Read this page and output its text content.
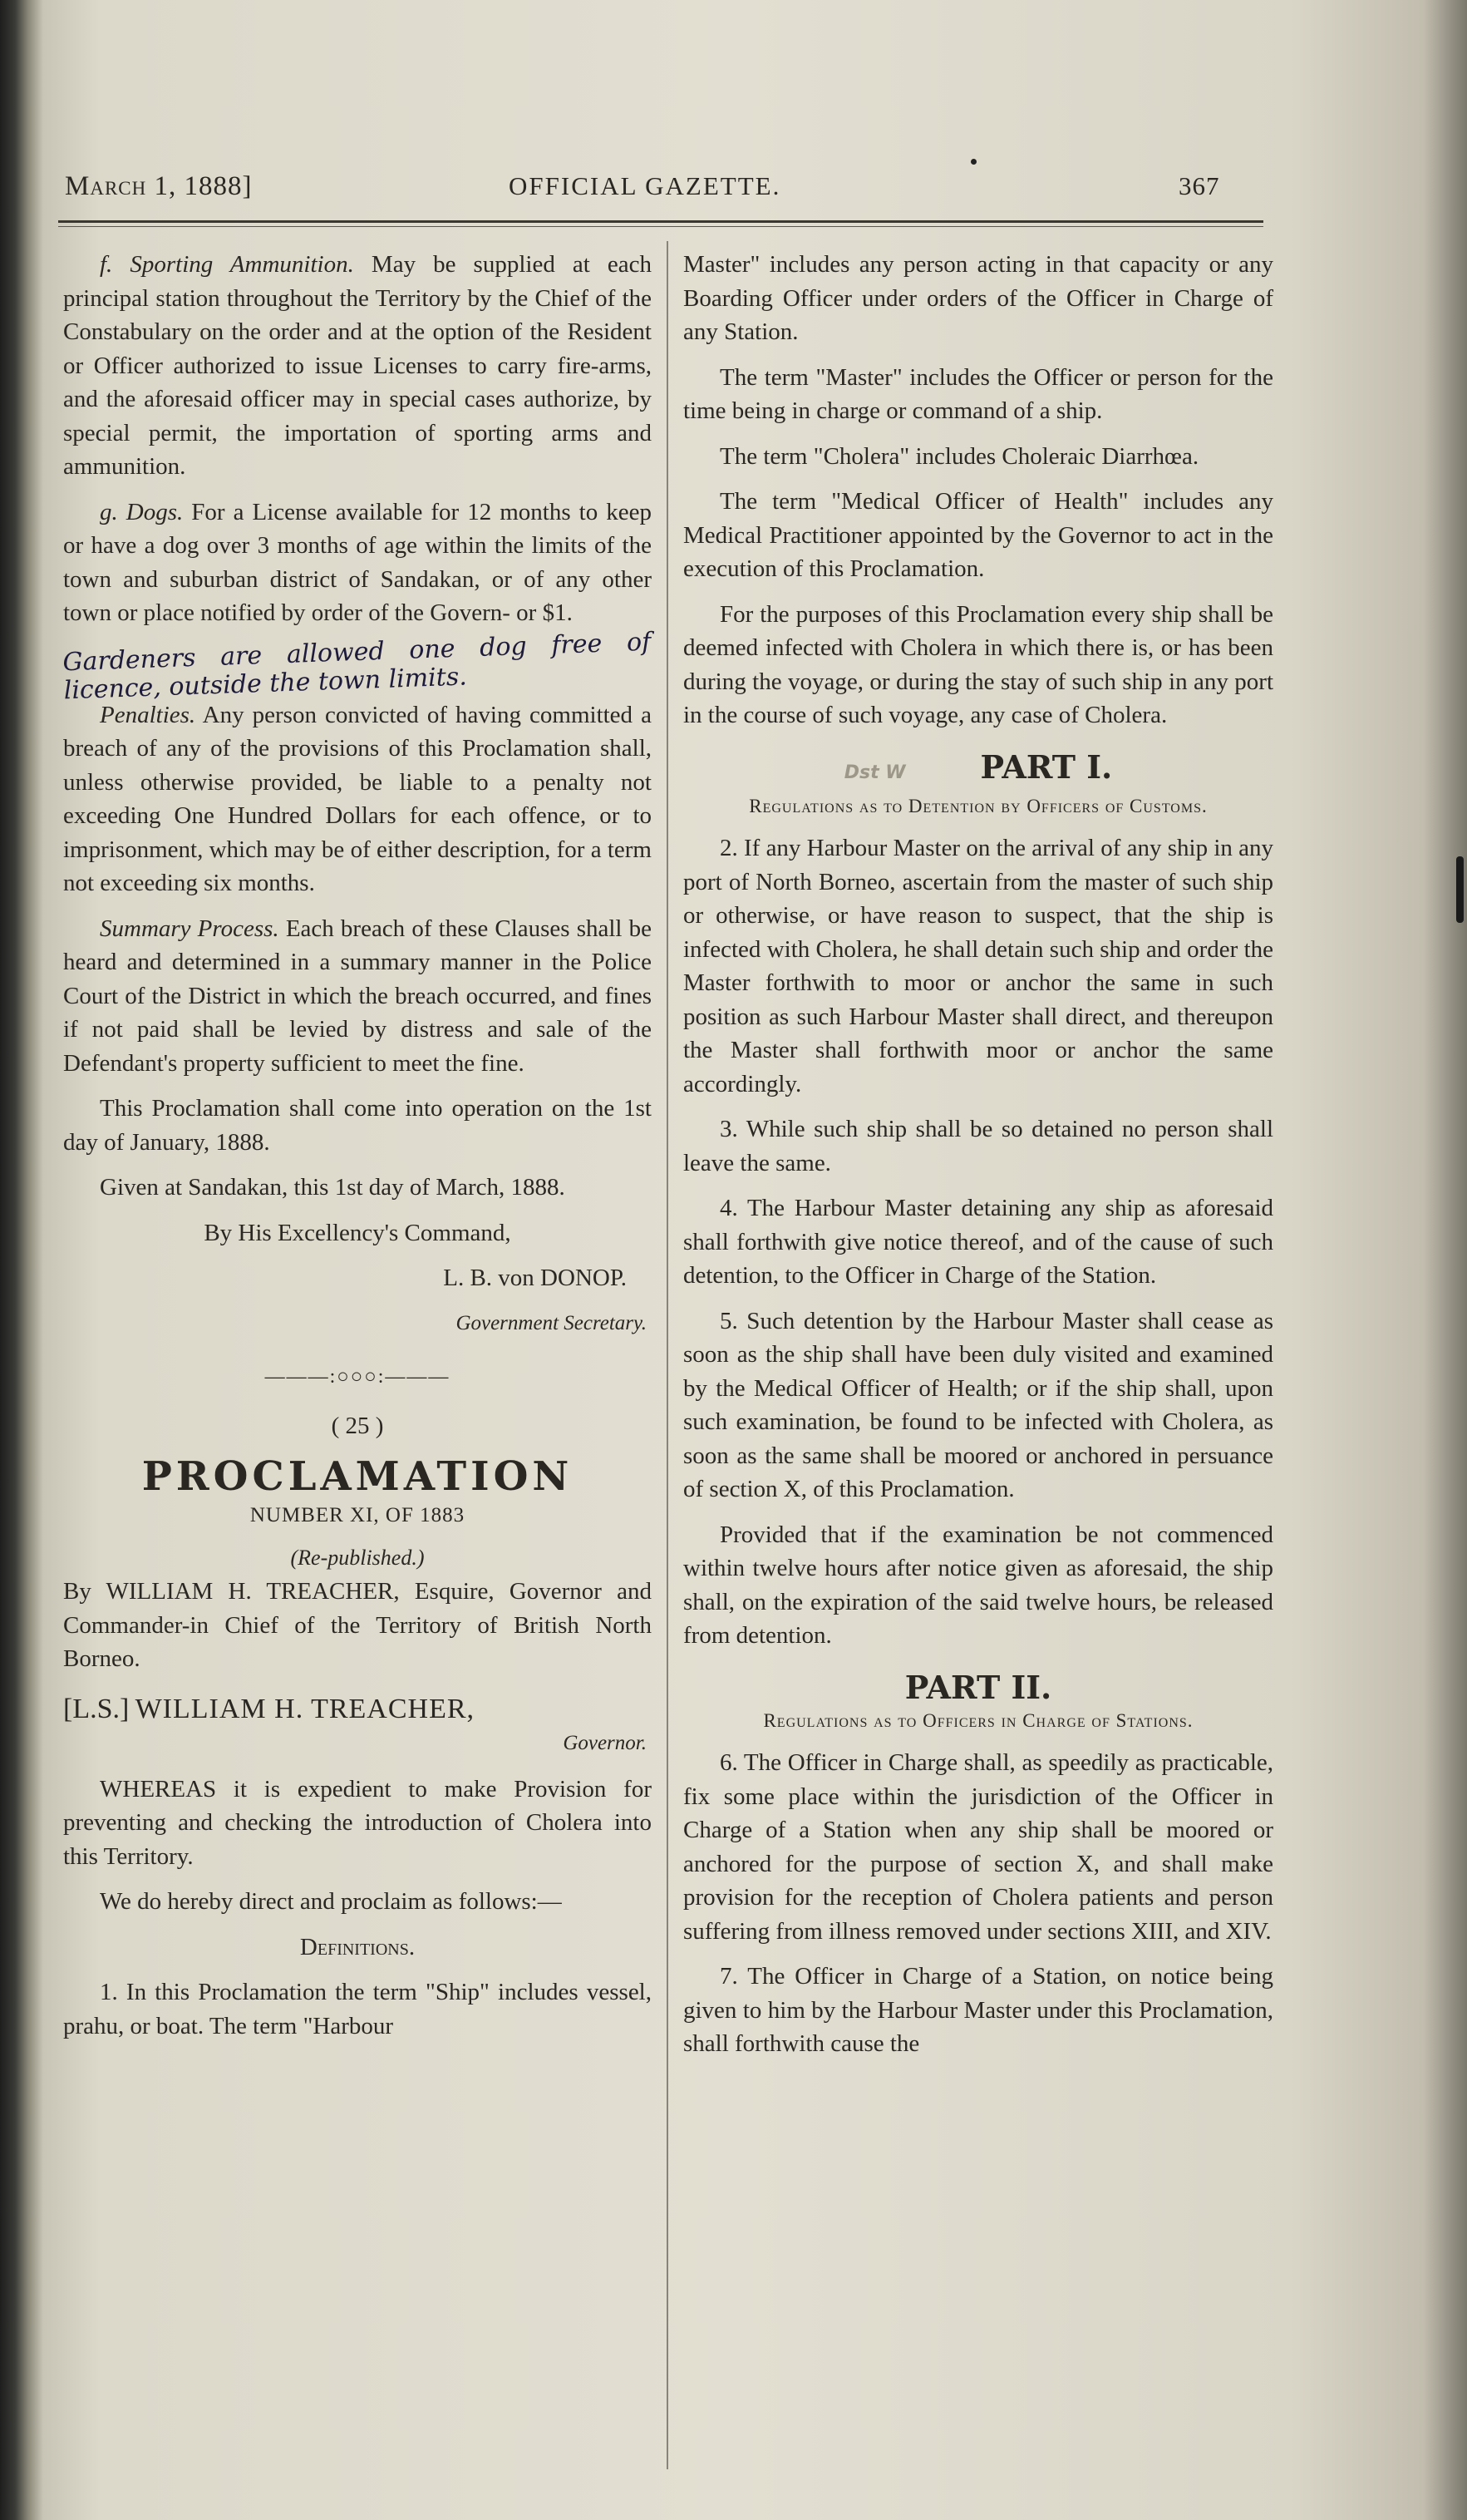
March 1, 1888]	OFFICIAL GAZETTE.	367

f. Sporting Ammunition. May be supplied at each principal station throughout the Territory by the Chief of the Constabulary on the order and at the option of the Resident or Officer authorized to issue Licenses to carry fire-arms, and the aforesaid officer may in special cases authorize, by special permit, the importation of sporting arms and ammunition.

g. Dogs. For a License available for 12 months to keep or have a dog over 3 months of age within the limits of the town and suburban district of Sandakan, or of any other town or place notified by order of the Govern- or $1.

Gardeners are allowed one dog free of licence, outside the town limits.

Penalties. Any person convicted of having committed a breach of any of the provisions of this Proclamation shall, unless otherwise provided, be liable to a penalty not exceeding One Hundred Dollars for each offence, or to imprisonment, which may be of either description, for a term not exceeding six months.

Summary Process. Each breach of these Clauses shall be heard and determined in a summary manner in the Police Court of the District in which the breach occurred, and fines if not paid shall be levied by distress and sale of the Defendant's property sufficient to meet the fine.

This Proclamation shall come into operation on the 1st day of January, 1888.

Given at Sandakan, this 1st day of March, 1888.

By His Excellency's Command,

L. B. von DONOP.

Government Secretary.

———:○○○:———

( 25 )

PROCLAMATION

NUMBER XI, OF 1883

(Re-published.)

By WILLIAM H. TREACHER, Esquire, Governor and Commander-in Chief of the Territory of British North Borneo.

[L.S.] WILLIAM H. TREACHER,

Governor.

WHEREAS it is expedient to make Provision for preventing and checking the introduction of Cholera into this Territory.

We do hereby direct and proclaim as follows:—

Definitions.

1. In this Proclamation the term "Ship" includes vessel, prahu, or boat. The term "Harbour

Master" includes any person acting in that capacity or any Boarding Officer under orders of the Officer in Charge of any Station.

The term "Master" includes the Officer or person for the time being in charge or command of a ship.

The term "Cholera" includes Choleraic Diarrhœa.

The term "Medical Officer of Health" includes any Medical Practitioner appointed by the Governor to act in the execution of this Proclamation.

For the purposes of this Proclamation every ship shall be deemed infected with Cholera in which there is, or has been during the voyage, or during the stay of such ship in any port in the course of such voyage, any case of Cholera.

Dst W PART I.

Regulations as to Detention by Officers of Customs.

2. If any Harbour Master on the arrival of any ship in any port of North Borneo, ascertain from the master of such ship or otherwise, or have reason to suspect, that the ship is infected with Cholera, he shall detain such ship and order the Master forthwith to moor or anchor the same in such position as such Harbour Master shall direct, and thereupon the Master shall forthwith moor or anchor the same accordingly.

3. While such ship shall be so detained no person shall leave the same.

4. The Harbour Master detaining any ship as aforesaid shall forthwith give notice thereof, and of the cause of such detention, to the Officer in Charge of the Station.

5. Such detention by the Harbour Master shall cease as soon as the ship shall have been duly visited and examined by the Medical Officer of Health; or if the ship shall, upon such examination, be found to be infected with Cholera, as soon as the same shall be moored or anchored in persuance of section X, of this Proclamation.

Provided that if the examination be not commenced within twelve hours after notice given as aforesaid, the ship shall, on the expiration of the said twelve hours, be released from detention.

PART II.

Regulations as to Officers in Charge of Stations.

6. The Officer in Charge shall, as speedily as practicable, fix some place within the jurisdiction of the Officer in Charge of a Station when any ship shall be moored or anchored for the purpose of section X, and shall make provision for the reception of Cholera patients and person suffering from illness removed under sections XIII, and XIV.

7. The Officer in Charge of a Station, on notice being given to him by the Harbour Master under this Proclamation, shall forthwith cause the
